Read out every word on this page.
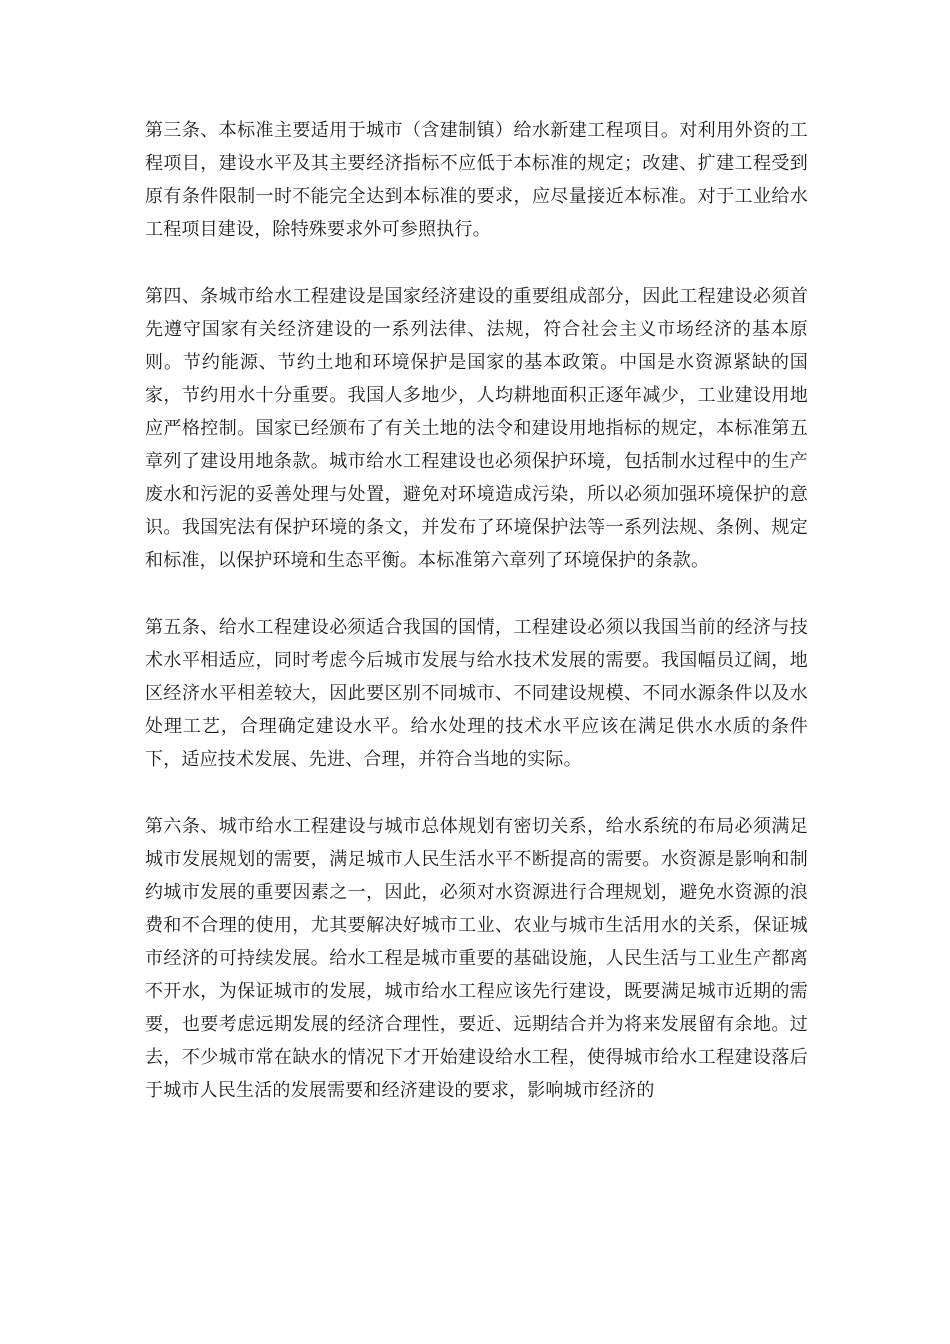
第三条、本标准主要适用于城市（含建制镇）给水新建工程项目。对利用外资的工程项目，建设水平及其主要经济指标不应低于本标准的规定；改建、扩建工程受到原有条件限制一时不能完全达到本标准的要求，应尽量接近本标准。对于工业给水工程项目建设，除特殊要求外可参照执行。

第四、条城市给水工程建设是国家经济建设的重要组成部分，因此工程建设必须首先遵守国家有关经济建设的一系列法律、法规，符合社会主义市场经济的基本原则。节约能源、节约土地和环境保护是国家的基本政策。中国是水资源紧缺的国家，节约用水十分重要。我国人多地少，人均耕地面积正逐年减少，工业建设用地应严格控制。国家已经颁布了有关土地的法令和建设用地指标的规定，本标准第五章列了建设用地条款。城市给水工程建设也必须保护环境，包括制水过程中的生产废水和污泥的妥善处理与处置，避免对环境造成污染，所以必须加强环境保护的意识。我国宪法有保护环境的条文，并发布了环境保护法等一系列法规、条例、规定和标准，以保护环境和生态平衡。本标准第六章列了环境保护的条款。

第五条、给水工程建设必须适合我国的国情，工程建设必须以我国当前的经济与技术水平相适应，同时考虑今后城市发展与给水技术发展的需要。我国幅员辽阔，地区经济水平相差较大，因此要区别不同城市、不同建设规模、不同水源条件以及水处理工艺，合理确定建设水平。给水处理的技术水平应该在满足供水水质的条件下，适应技术发展、先进、合理，并符合当地的实际。

第六条、城市给水工程建设与城市总体规划有密切关系，给水系统的布局必须满足城市发展规划的需要，满足城市人民生活水平不断提高的需要。水资源是影响和制约城市发展的重要因素之一，因此，必须对水资源进行合理规划，避免水资源的浪费和不合理的使用，尤其要解决好城市工业、农业与城市生活用水的关系，保证城市经济的可持续发展。给水工程是城市重要的基础设施，人民生活与工业生产都离不开水，为保证城市的发展，城市给水工程应该先行建设，既要满足城市近期的需要，也要考虑远期发展的经济合理性，要近、远期结合并为将来发展留有余地。过去，不少城市常在缺水的情况下才开始建设给水工程，使得城市给水工程建设落后于城市人民生活的发展需要和经济建设的要求，影响城市经济的
